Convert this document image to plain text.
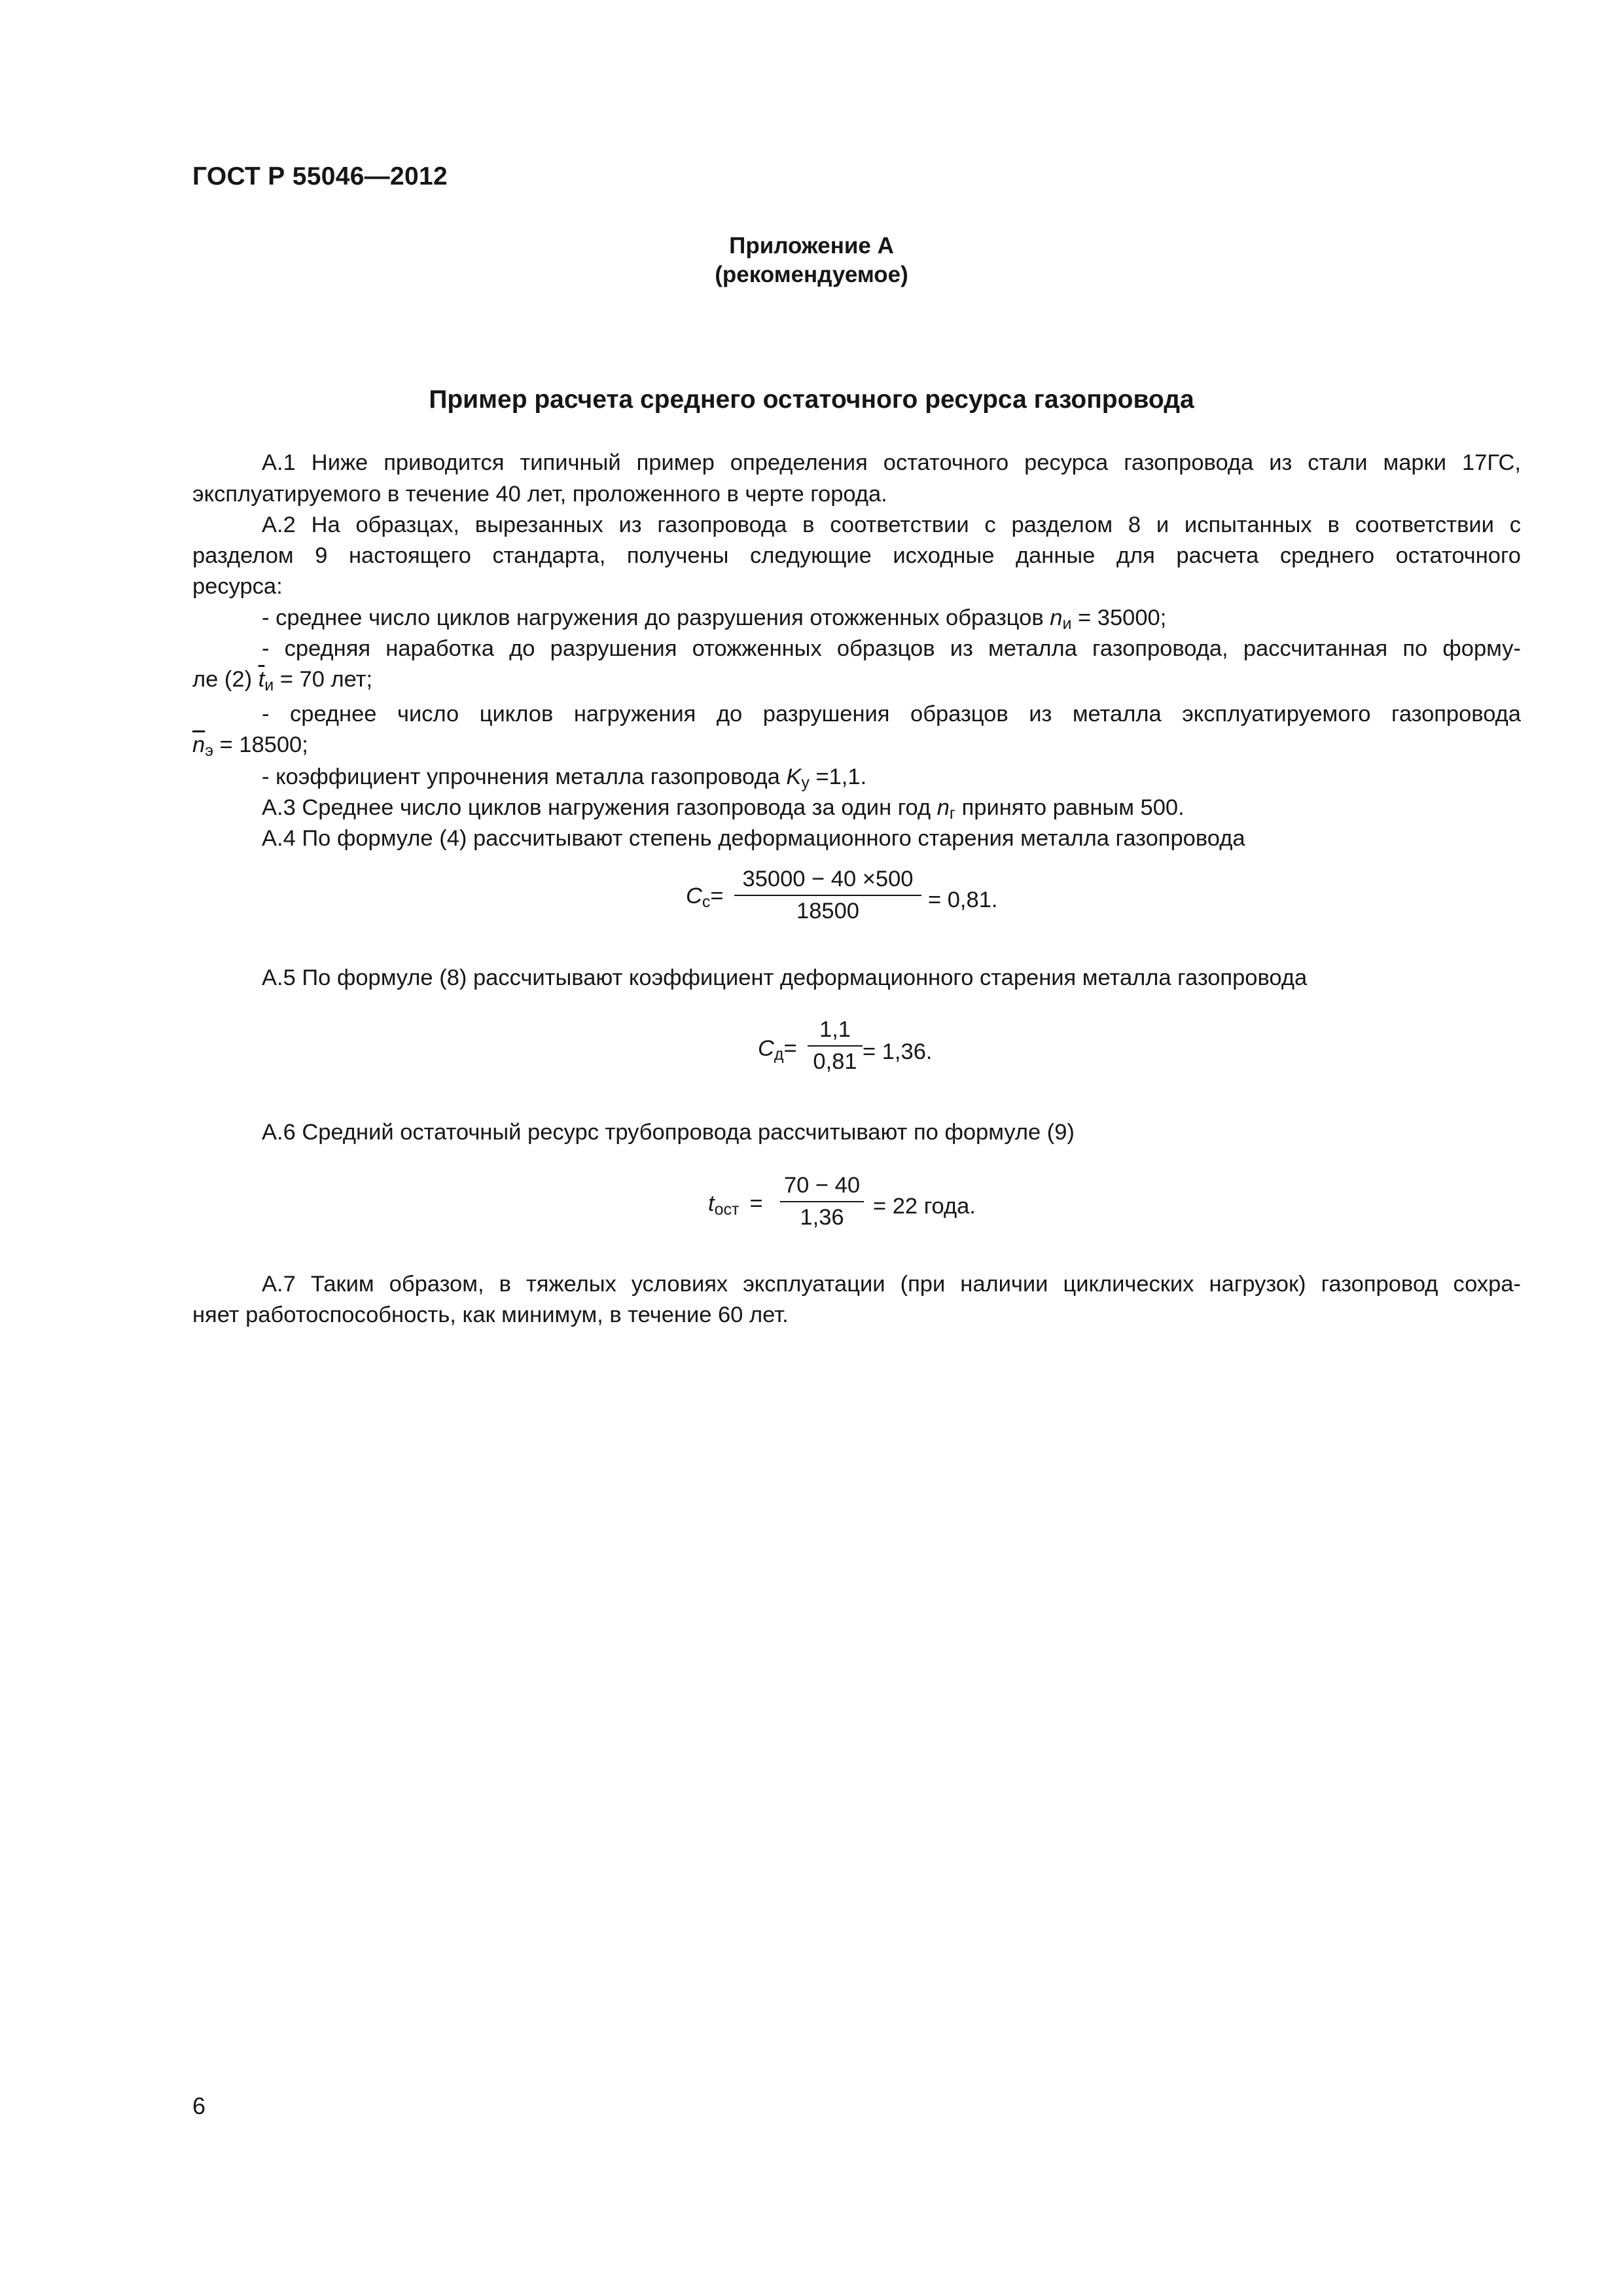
ГОСТ Р 55046—2012
Приложение А
(рекомендуемое)
Пример расчета среднего остаточного ресурса газопровода
А.1 Ниже приводится типичный пример определения остаточного ресурса газопровода из стали марки 17ГС,
эксплуатируемого в течение 40 лет, проложенного в черте города.
А.2 На образцах, вырезанных из газопровода в соответствии с разделом 8 и испытанных в соответствии с
разделом 9 настоящего стандарта, получены следующие исходные данные для расчета среднего остаточного
ресурса:
- среднее число циклов нагружения до разрушения отожженных образцов $n_и = 35000$;
- средняя наработка до разрушения отожженных образцов из металла газопровода, рассчитанная по форму-
ле (2) $\overline{t}_и = 70$ лет;
- среднее число циклов нагружения до разрушения образцов из металла эксплуатируемого газопровода
$\overline{n}_э = 18500$;
- коэффициент упрочнения металла газопровода $K_у =1,1$.
А.3 Среднее число циклов нагружения газопровода за один год $n_г$ принято равным 500.
А.4 По формуле (4) рассчитывают степень деформационного старения металла газопровода
$C_с= \frac{35000 - 40 \times 500}{18500} = 0,81$.
А.5 По формуле (8) рассчитывают коэффициент деформационного старения металла газопровода
$C_д= \frac{1,1}{0,81} = 1,36$.
А.6 Средний остаточный ресурс трубопровода рассчитывают по формуле (9)
$t_{ост} = \frac{70 - 40}{1,36} = 22$ года.
А.7 Таким образом, в тяжелых условиях эксплуатации (при наличии циклических нагрузок) газопровод сохра-
няет работоспособность, как минимум, в течение 60 лет.
6
